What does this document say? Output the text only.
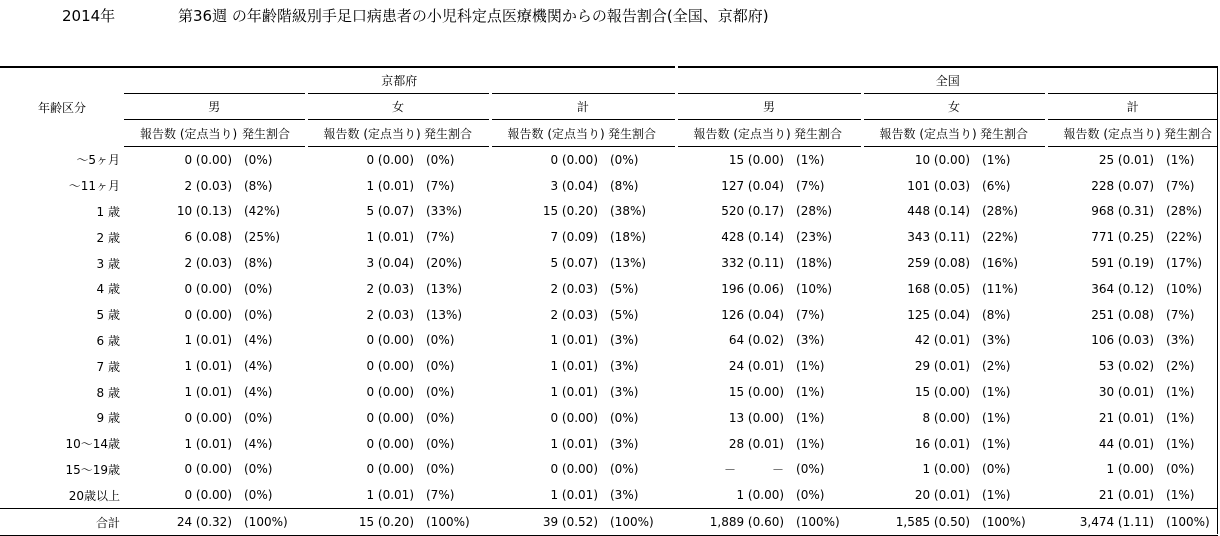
2014年	第36週 の年齢階級別手足口病患者の小児科定点医療機関からの報告割合(全国、京都府)
年齢区分	京都府						全国					
	男		女		計		男		女		計	
	報告数 (定点当り)	発生割合	報告数 (定点当り)	発生割合	報告数 (定点当り)	発生割合	報告数 (定点当り)	発生割合	報告数 (定点当り)	発生割合	報告数 (定点当り)	発生割合
～5ヶ月	0 (0.00)	(0%)	0 (0.00)	(0%)	0 (0.00)	(0%)	15 (0.00)	(1%)	10 (0.00)	(1%)	25 (0.01)	(1%)
～11ヶ月	2 (0.03)	(8%)	1 (0.01)	(7%)	3 (0.04)	(8%)	127 (0.04)	(7%)	101 (0.03)	(6%)	228 (0.07)	(7%)
1 歳	10 (0.13)	(42%)	5 (0.07)	(33%)	15 (0.20)	(38%)	520 (0.17)	(28%)	448 (0.14)	(28%)	968 (0.31)	(28%)
2 歳	6 (0.08)	(25%)	1 (0.01)	(7%)	7 (0.09)	(18%)	428 (0.14)	(23%)	343 (0.11)	(22%)	771 (0.25)	(22%)
3 歳	2 (0.03)	(8%)	3 (0.04)	(20%)	5 (0.07)	(13%)	332 (0.11)	(18%)	259 (0.08)	(16%)	591 (0.19)	(17%)
4 歳	0 (0.00)	(0%)	2 (0.03)	(13%)	2 (0.03)	(5%)	196 (0.06)	(10%)	168 (0.05)	(11%)	364 (0.12)	(10%)
5 歳	0 (0.00)	(0%)	2 (0.03)	(13%)	2 (0.03)	(5%)	126 (0.04)	(7%)	125 (0.04)	(8%)	251 (0.08)	(7%)
6 歳	1 (0.01)	(4%)	0 (0.00)	(0%)	1 (0.01)	(3%)	64 (0.02)	(3%)	42 (0.01)	(3%)	106 (0.03)	(3%)
7 歳	1 (0.01)	(4%)	0 (0.00)	(0%)	1 (0.01)	(3%)	24 (0.01)	(1%)	29 (0.01)	(2%)	53 (0.02)	(2%)
8 歳	1 (0.01)	(4%)	0 (0.00)	(0%)	1 (0.01)	(3%)	15 (0.00)	(1%)	15 (0.00)	(1%)	30 (0.01)	(1%)
9 歳	0 (0.00)	(0%)	0 (0.00)	(0%)	0 (0.00)	(0%)	13 (0.00)	(1%)	8 (0.00)	(1%)	21 (0.01)	(1%)
10～14歳	1 (0.01)	(4%)	0 (0.00)	(0%)	1 (0.01)	(3%)	28 (0.01)	(1%)	16 (0.01)	(1%)	44 (0.01)	(1%)
15～19歳	0 (0.00)	(0%)	0 (0.00)	(0%)	0 (0.00)	(0%)	－　　　－	(0%)	1 (0.00)	(0%)	1 (0.00)	(0%)
20歳以上	0 (0.00)	(0%)	1 (0.01)	(7%)	1 (0.01)	(3%)	1 (0.00)	(0%)	20 (0.01)	(1%)	21 (0.01)	(1%)
合計	24 (0.32)	(100%)	15 (0.20)	(100%)	39 (0.52)	(100%)	1,889 (0.60)	(100%)	1,585 (0.50)	(100%)	3,474 (1.11)	(100%)
